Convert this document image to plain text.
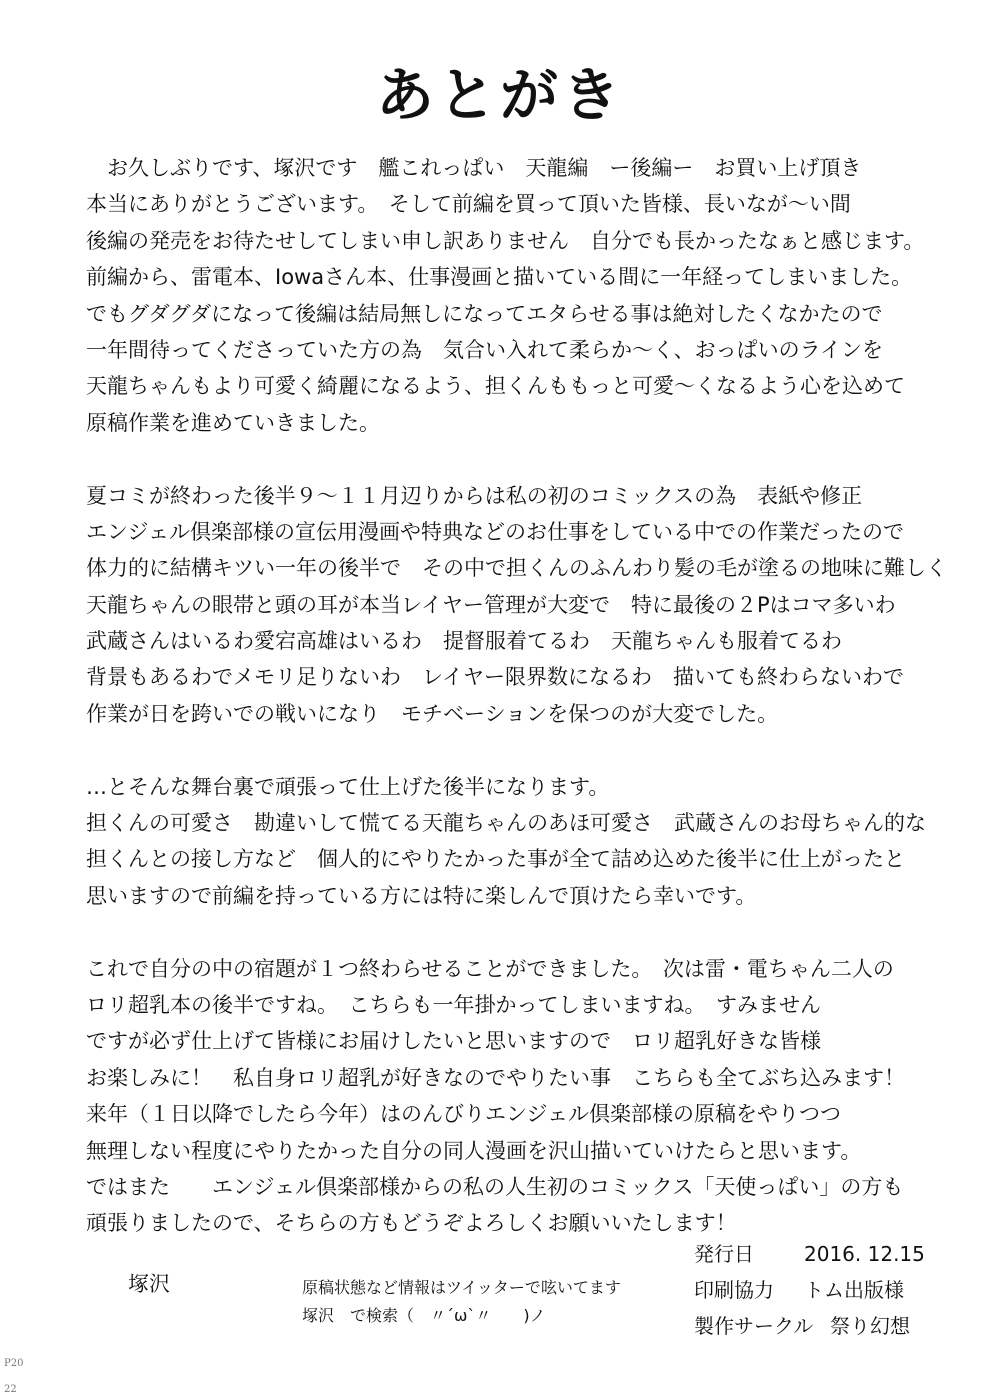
あとがき
　お久しぶりです、塚沢です　艦これっぱい　天龍編　ー後編ー　お買い上げ頂き
本当にありがとうございます。　そして前編を買って頂いた皆様、長いなが〜い間
後編の発売をお待たせしてしまい申し訳ありません　自分でも長かったなぁと感じます。
前編から、雷電本、Iowaさん本、仕事漫画と描いている間に一年経ってしまいました。
でもグダグダになって後編は結局無しになってエタらせる事は絶対したくなかたので
一年間待ってくださっていた方の為　気合い入れて柔らか〜く、おっぱいのラインを
天龍ちゃんもより可愛く綺麗になるよう、担くんももっと可愛〜くなるよう心を込めて
原稿作業を進めていきました。
夏コミが終わった後半９〜１１月辺りからは私の初のコミックスの為　表紙や修正
エンジェル倶楽部様の宣伝用漫画や特典などのお仕事をしている中での作業だったので
体力的に結構キツい一年の後半で　その中で担くんのふんわり髪の毛が塗るの地味に難しく
天龍ちゃんの眼帯と頭の耳が本当レイヤー管理が大変で　特に最後の２Pはコマ多いわ
武蔵さんはいるわ愛宕高雄はいるわ　提督服着てるわ　天龍ちゃんも服着てるわ
背景もあるわでメモリ足りないわ　レイヤー限界数になるわ　描いても終わらないわで
作業が日を跨いでの戦いになり　モチベーションを保つのが大変でした。
…とそんな舞台裏で頑張って仕上げた後半になります。
担くんの可愛さ　勘違いして慌てる天龍ちゃんのあほ可愛さ　武蔵さんのお母ちゃん的な
担くんとの接し方など　個人的にやりたかった事が全て詰め込めた後半に仕上がったと
思いますので前編を持っている方には特に楽しんで頂けたら幸いです。
これで自分の中の宿題が１つ終わらせることができました。　次は雷・電ちゃん二人の
ロリ超乳本の後半ですね。　こちらも一年掛かってしまいますね。　すみません
ですが必ず仕上げて皆様にお届けしたいと思いますので　ロリ超乳好きな皆様
お楽しみに！　私自身ロリ超乳が好きなのでやりたい事　こちらも全てぶち込みます！
来年（１日以降でしたら今年）はのんびりエンジェル倶楽部様の原稿をやりつつ
無理しない程度にやりたかった自分の同人漫画を沢山描いていけたらと思います。
ではまた　　エンジェル倶楽部様からの私の人生初のコミックス「天使っぱい」の方も
頑張りましたので、そちらの方もどうぞよろしくお願いいたします！
塚沢	原稿状態など情報はツイッターで呟いてます
塚沢　で検索（　〃´ω`〃　　)ノ
発行日	2016. 12.15
印刷協力 トム出版様
製作サークル 祭り幻想
P20
22
